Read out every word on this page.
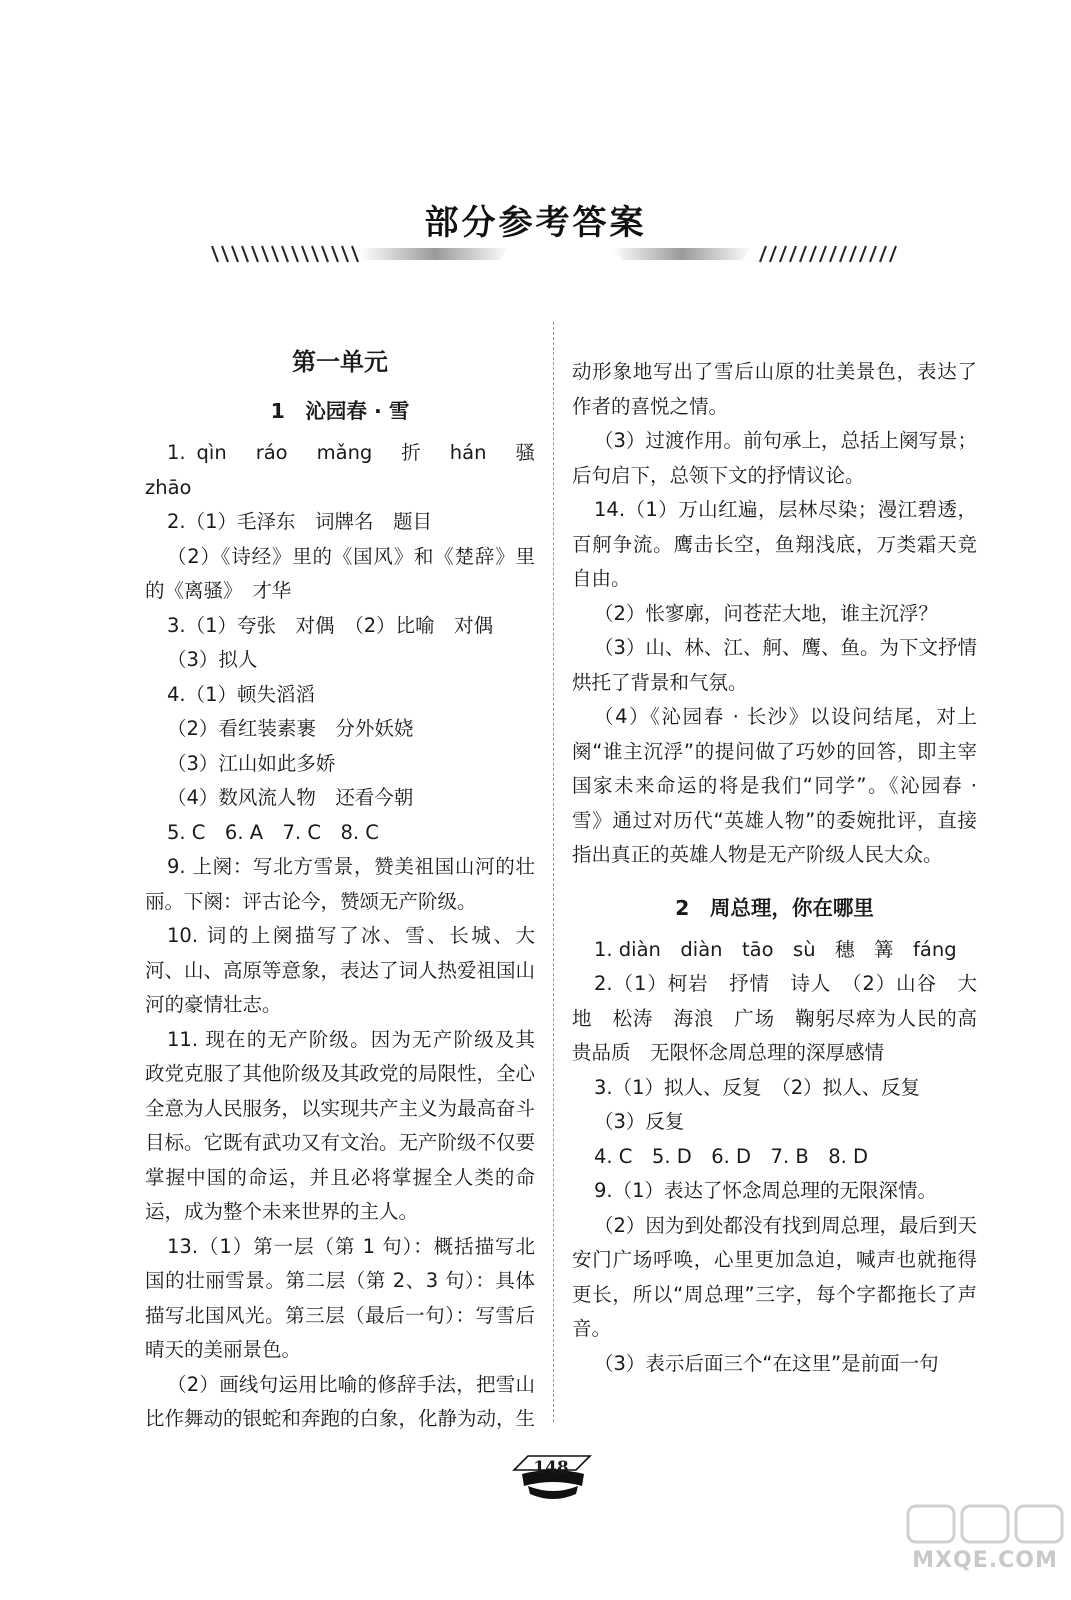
部分参考答案
第一单元
1　沁园春 · 雪

1. qìn　ráo　mǎng　折　hán　骚　zhāo

2.（1）毛泽东　词牌名　题目

（2）《诗经》里的《国风》和《楚辞》里的《离骚》　才华

3.（1）夸张　对偶　（2）比喻　对偶

（3）拟人

4.（1）顿失滔滔

（2）看红装素裹　分外妖娆

（3）江山如此多娇

（4）数风流人物　还看今朝

5. C　6. A　7. C　8. C

9. 上阕：写北方雪景，赞美祖国山河的壮丽。下阕：评古论今，赞颂无产阶级。

10. 词的上阕描写了冰、雪、长城、大河、山、高原等意象，表达了词人热爱祖国山河的豪情壮志。

11. 现在的无产阶级。因为无产阶级及其政党克服了其他阶级及其政党的局限性，全心全意为人民服务，以实现共产主义为最高奋斗目标。它既有武功又有文治。无产阶级不仅要掌握中国的命运，并且必将掌握全人类的命运，成为整个未来世界的主人。

13.（1）第一层（第 1 句）：概括描写北国的壮丽雪景。第二层（第 2、3 句）：具体描写北国风光。第三层（最后一句）：写雪后晴天的美丽景色。

（2）画线句运用比喻的修辞手法，把雪山比作舞动的银蛇和奔跑的白象，化静为动，生

动形象地写出了雪后山原的壮美景色，表达了作者的喜悦之情。

（3）过渡作用。前句承上，总括上阕写景；后句启下，总领下文的抒情议论。

14.（1）万山红遍，层林尽染；漫江碧透，百舸争流。鹰击长空，鱼翔浅底，万类霜天竞自由。

（2）怅寥廓，问苍茫大地，谁主沉浮？

（3）山、林、江、舸、鹰、鱼。为下文抒情烘托了背景和气氛。

（4）《沁园春 · 长沙》以设问结尾，对上阕“谁主沉浮”的提问做了巧妙的回答，即主宰国家未来命运的将是我们“同学”。《沁园春 · 雪》通过对历代“英雄人物”的委婉批评，直接指出真正的英雄人物是无产阶级人民大众。

2　周总理，你在哪里

1. diàn　diàn　tāo　sù　穗　篝　fáng

2.（1）柯岩　抒情　诗人　（2）山谷　大地　松涛　海浪　广场　鞠躬尽瘁为人民的高贵品质　无限怀念周总理的深厚感情

3.（1）拟人、反复　（2）拟人、反复

（3）反复

4. C　5. D　6. D　7. B　8. D

9.（1）表达了怀念周总理的无限深情。

（2）因为到处都没有找到周总理，最后到天安门广场呼唤，心里更加急迫，喊声也就拖得更长，所以“周总理”三字，每个字都拖长了声音。

（3）表示后面三个“在这里”是前面一句

148
MXQE.COM
